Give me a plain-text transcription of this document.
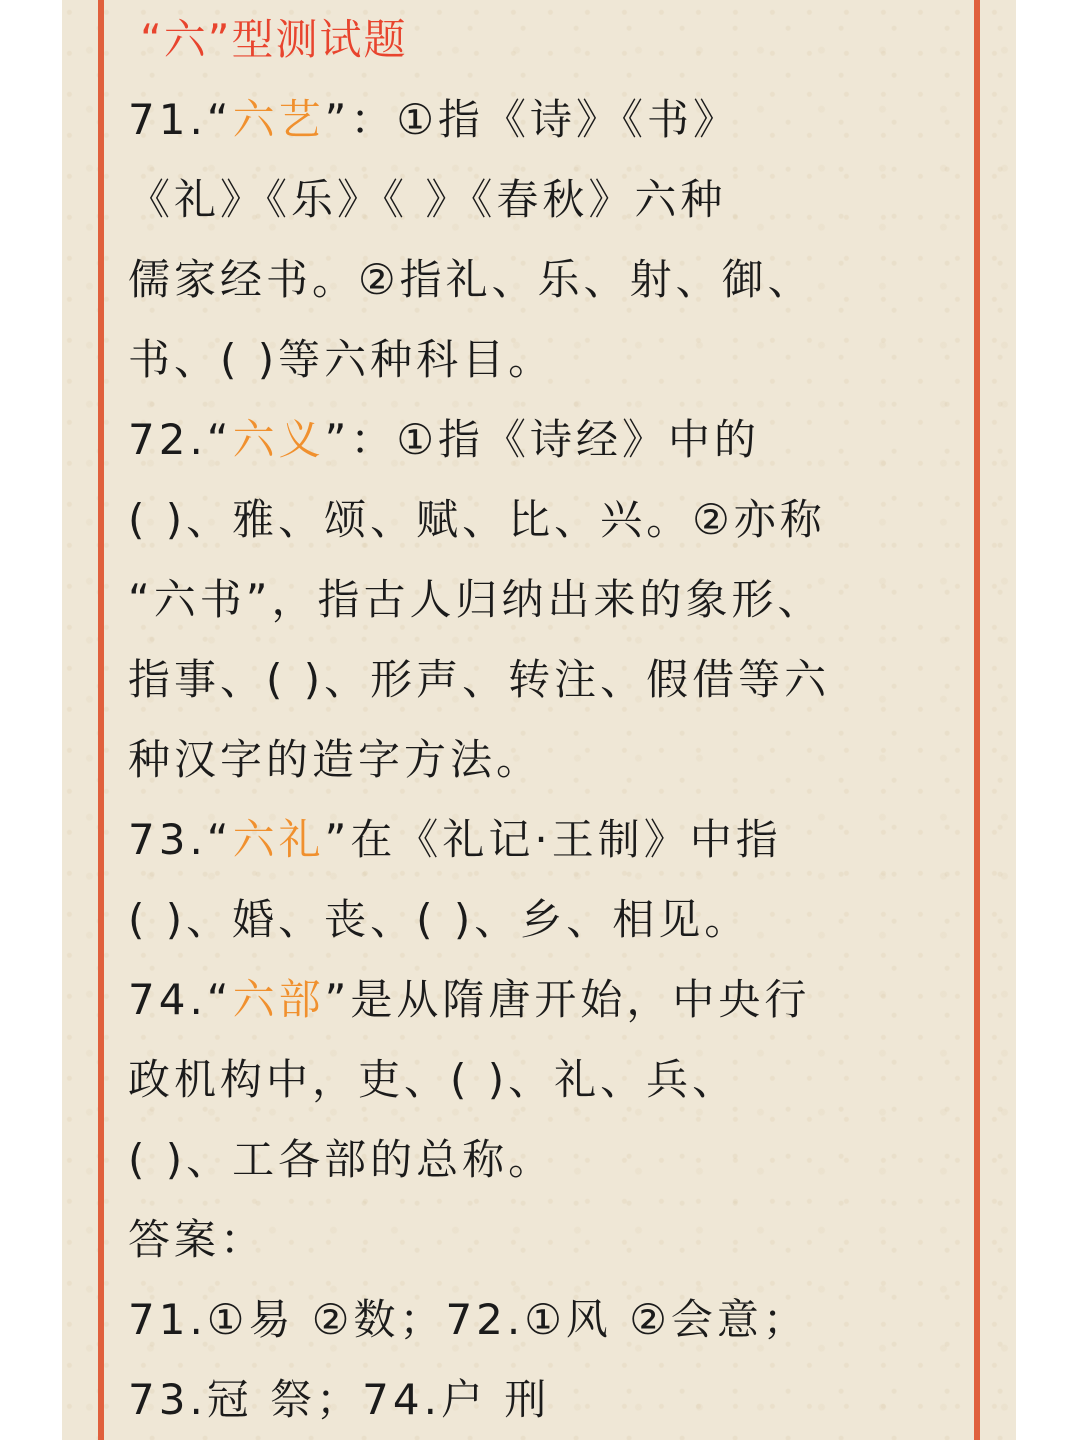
“六”型测试题
71.“六艺”：①指《诗》《书》
《礼》《乐》《 》《春秋》六种
儒家经书。②指礼、乐、射、御、
书、( )等六种科目。
72.“六义”：①指《诗经》中的
( )、雅、颂、赋、比、兴。②亦称
“六书”，指古人归纳出来的象形、
指事、( )、形声、转注、假借等六
种汉字的造字方法。
73.“六礼”在《礼记·王制》中指
( )、婚、丧、( )、乡、相见。
74.“六部”是从隋唐开始，中央行
政机构中，吏、( )、礼、兵、
( )、工各部的总称。
答案：
71.①易 ②数；72.①风 ②会意；
73.冠 祭；74.户 刑
